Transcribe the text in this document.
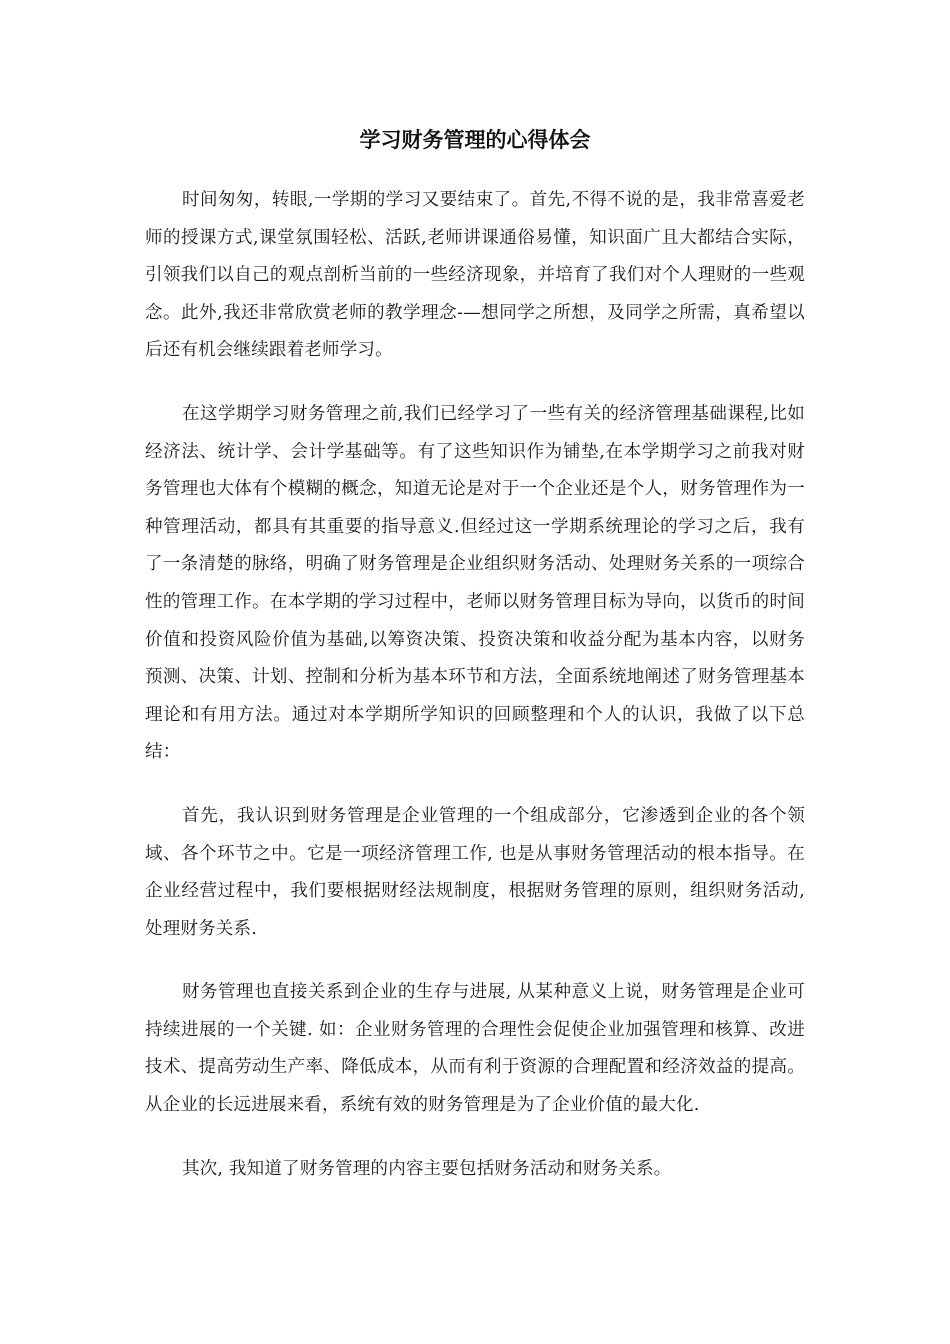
学习财务管理的心得体会

时间匆匆，转眼,一学期的学习又要结束了。首先,不得不说的是，我非常喜爱老师的授课方式,课堂氛围轻松、活跃,老师讲课通俗易懂，知识面广且大都结合实际，引领我们以自己的观点剖析当前的一些经济现象，并培育了我们对个人理财的一些观念。此外,我还非常欣赏老师的教学理念-—想同学之所想，及同学之所需，真希望以后还有机会继续跟着老师学习。

在这学期学习财务管理之前,我们已经学习了一些有关的经济管理基础课程,比如经济法、统计学、会计学基础等。有了这些知识作为铺垫,在本学期学习之前我对财务管理也大体有个模糊的概念，知道无论是对于一个企业还是个人，财务管理作为一种管理活动，都具有其重要的指导意义.但经过这一学期系统理论的学习之后，我有了一条清楚的脉络，明确了财务管理是企业组织财务活动、处理财务关系的一项综合性的管理工作。在本学期的学习过程中，老师以财务管理目标为导向，以货币的时间价值和投资风险价值为基础,以筹资决策、投资决策和收益分配为基本内容，以财务预测、决策、计划、控制和分析为基本环节和方法，全面系统地阐述了财务管理基本理论和有用方法。通过对本学期所学知识的回顾整理和个人的认识，我做了以下总结：

首先，我认识到财务管理是企业管理的一个组成部分，它渗透到企业的各个领域、各个环节之中。它是一项经济管理工作, 也是从事财务管理活动的根本指导。在企业经营过程中，我们要根据财经法规制度，根据财务管理的原则，组织财务活动, 处理财务关系.

财务管理也直接关系到企业的生存与进展, 从某种意义上说，财务管理是企业可持续进展的一个关键. 如：企业财务管理的合理性会促使企业加强管理和核算、改进技术、提高劳动生产率、降低成本，从而有利于资源的合理配置和经济效益的提高。从企业的长远进展来看，系统有效的财务管理是为了企业价值的最大化.

其次, 我知道了财务管理的内容主要包括财务活动和财务关系。
